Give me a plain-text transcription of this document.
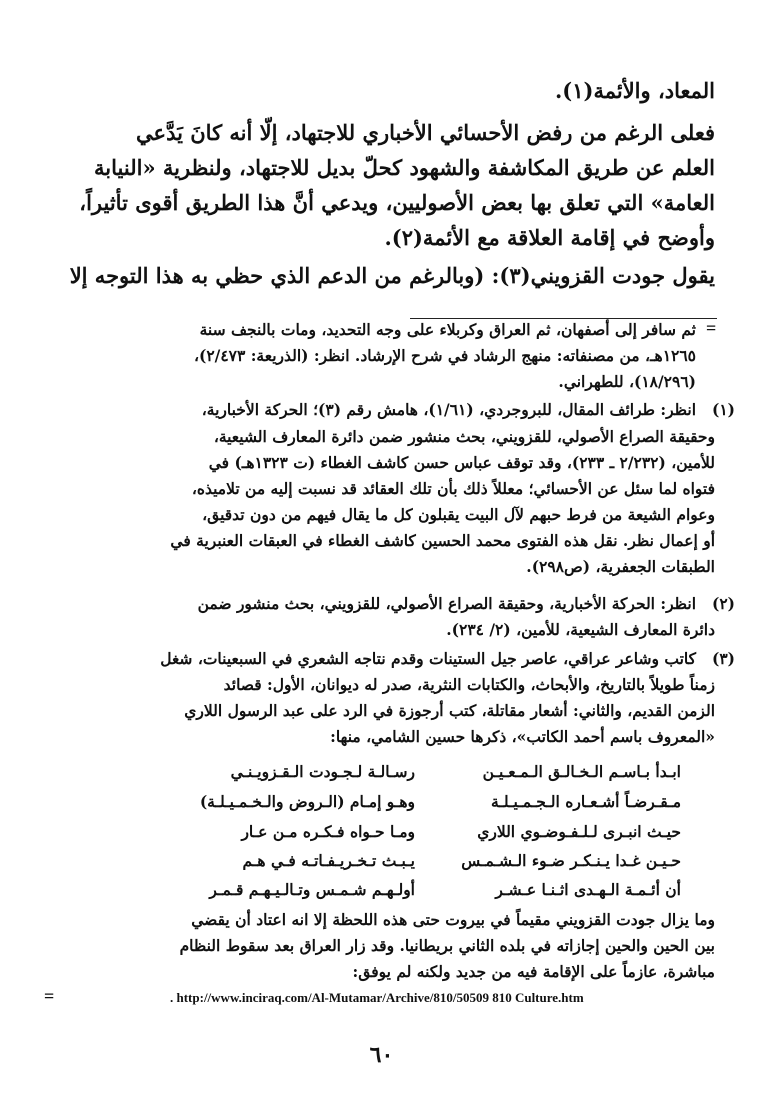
المعاد، والأئمة(١).
فعلى الرغم من رفض الأحسائي الأخباري للاجتهاد، إلّا أنه كانَ يَدَّعي
العلم عن طريق المكاشفة والشهود كحلّ بديل للاجتهاد، ولنظرية «النيابة
العامة» التي تعلق بها بعض الأصوليين، ويدعي أنَّ هذا الطريق أقوى تأثيراً،
وأوضح في إقامة العلاقة مع الأئمة(٢).
يقول جودت القزويني(٣): (وبالرغم من الدعم الذي حظي به هذا التوجه إلا
=
ثم سافر إلى أصفهان، ثم العراق وكربلاء على وجه التحديد، ومات بالنجف سنة
١٢٦٥هـ، من مصنفاته: منهج الرشاد في شرح الإرشاد. انظر: (الذريعة: ٢/٤٧٣)،
(١٨/٢٩٦)، للطهراني.
(١)
انظر: طرائف المقال، للبروجردي، (١/٦١)، هامش رقم (٣)؛ الحركة الأخبارية،
وحقيقة الصراع الأصولي، للقزويني، بحث منشور ضمن دائرة المعارف الشيعية،
للأمين، (٢/٢٣٢ ـ ٢٣٣)، وقد توقف عباس حسن كاشف الغطاء (ت ١٣٢٣هـ) في
فتواه لما سئل عن الأحسائي؛ معللاً ذلك بأن تلك العقائد قد نسبت إليه من تلاميذه،
وعوام الشيعة من فرط حبهم لآل البيت يقبلون كل ما يقال فيهم من دون تدقيق،
أو إعمال نظر. نقل هذه الفتوى محمد الحسين كاشف الغطاء في العبقات العنبرية في
الطبقات الجعفرية، (ص٢٩٨).
(٢)
انظر: الحركة الأخبارية، وحقيقة الصراع الأصولي، للقزويني، بحث منشور ضمن
دائرة المعارف الشيعية، للأمين، (٢/ ٢٣٤).
(٣)
كاتب وشاعر عراقي، عاصر جيل الستينات وقدم نتاجه الشعري في السبعينات، شغل
زمناً طويلاً بالتاريخ، والأبحاث، والكتابات النثرية، صدر له ديوانان، الأول: قصائد
الزمن القديم، والثاني: أشعار مقاتلة، كتب أرجوزة في الرد على عبد الرسول اللاري
«المعروف باسم أحمد الكاتب»، ذكرها حسين الشامي، منها:
ابـدأ بـاسـم الـخـالـق الـمـعـيـن
رسـالـة لـجـودت الـقـزويـنـي
مـقـرضـاً أشـعـاره الـجـمـيـلـة
وهـو إمـام (الـروض والـخـمـيـلـة)
حيـث انبـرى لـلـفـوضـوي اللاري
ومـا حـواه فـكـره مـن عـار
حـيـن غـدا يـنـكـر ضـوء الـشـمـس
يـبـث تـخـريـفـاتـه فـي هـم
أن أئـمـة الـهـدى اثـنـا عـشـر
أولـهـم شـمـس وتـالـيـهـم قـمـر
وما يزال جودت القزويني مقيماً في بيروت حتى هذه اللحظة إلا انه اعتاد أن يقضي
بين الحين والحين إجازاته في بلده الثاني بريطانيا. وقد زار العراق بعد سقوط النظام
مباشرة، عازماً على الإقامة فيه من جديد ولكنه لم يوفق:
=	. http://www.inciraq.com/Al-Mutamar/Archive/810/50509 810 Culture.htm
٦٠
